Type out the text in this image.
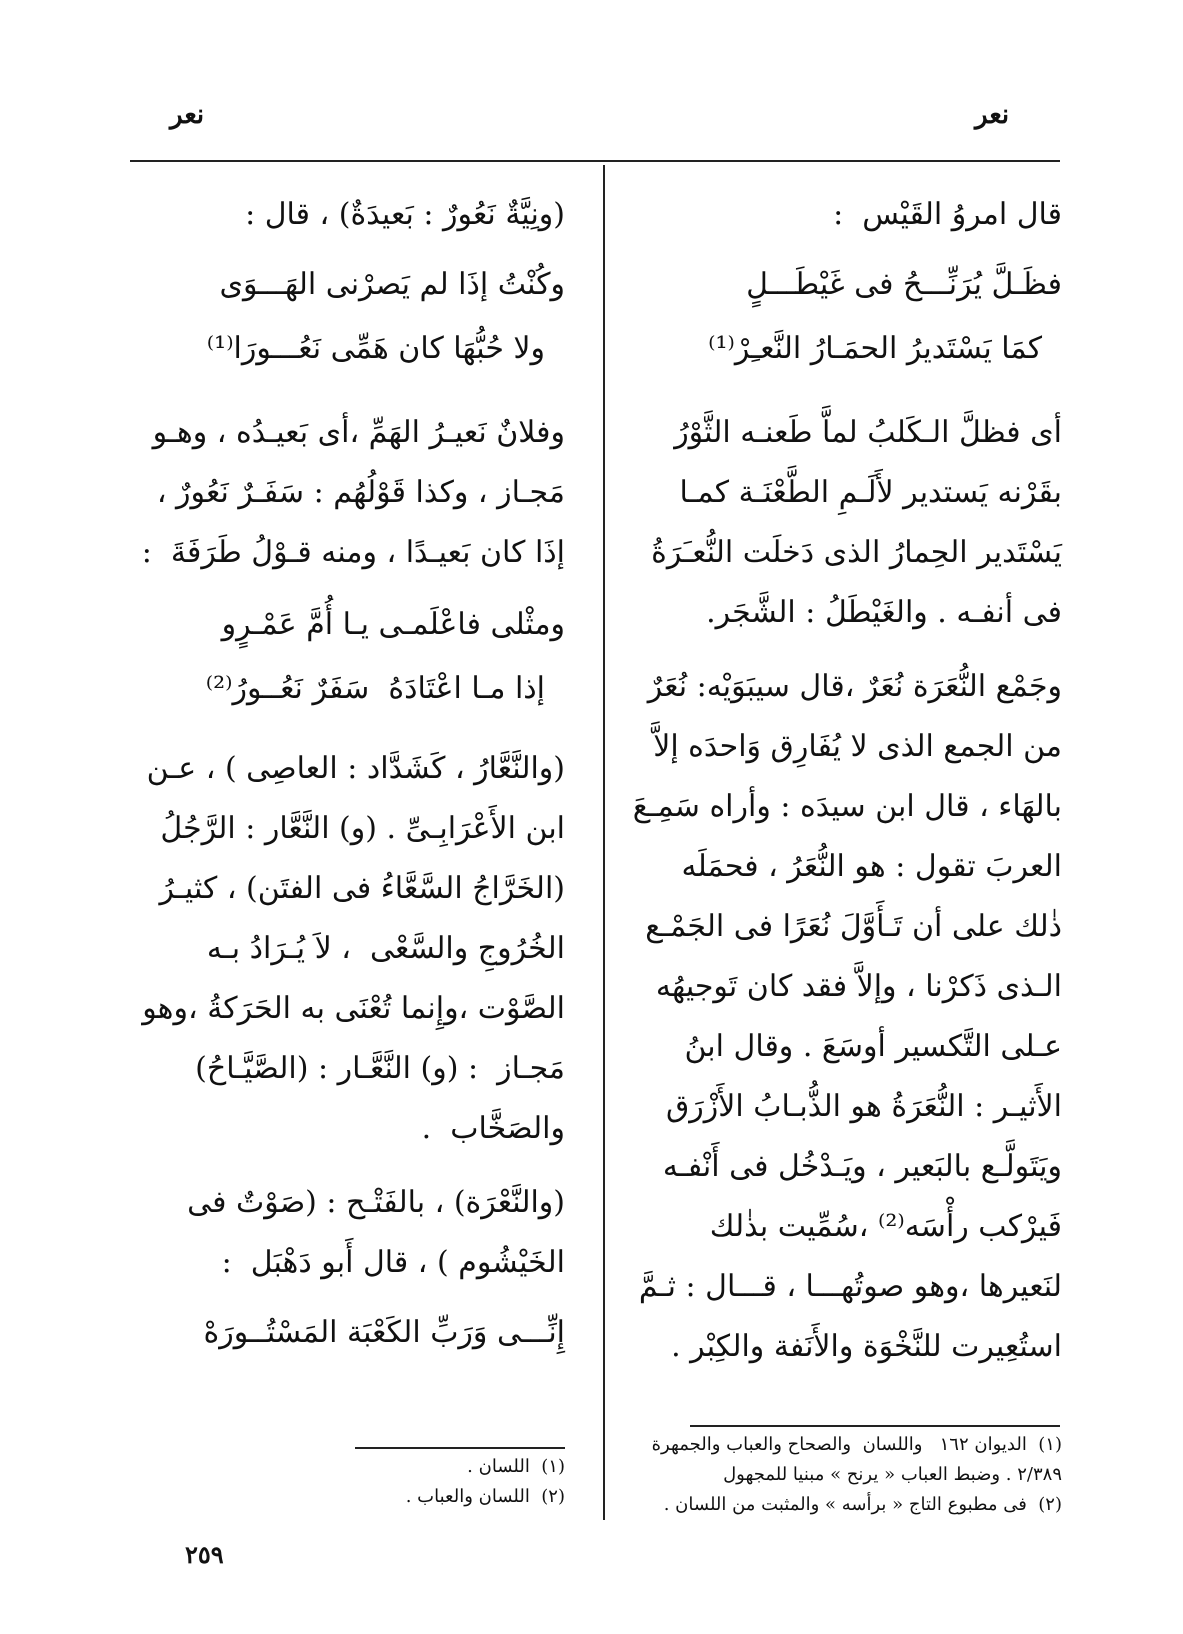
نعر
نعر

قال امروُ القَيْس  :

فظَـلَّ يُرَنِّـــحُ فى غَيْطَـــلٍ

كمَا يَسْتَديرُ الحمَـارُ النَّعـِرْ⁽¹⁾

أى فظلَّ الـكَلبُ لماَّ طَعنـه الثَّوْرُ بقَرْنه يَستدير لأَلَـمِ الطَّعْنَـة كمـا يَسْتَدير الحِمارُ الذى دَخلَت النُّعـَرَةُ فى أنفـه . والغَيْطَلُ : الشَّجَر.

وجَمْع النُّعَرَة نُعَرٌ ،قال سيبَوَيْه: نُعَرٌ من الجمع الذى لا يُفَارِق وَاحدَه إلاَّ بالهَاء ، قال ابن سيدَه : وأراه سَمِـعَ العربَ تقول : هو النُّعَرُ ، فحمَلَه ذٰلك على أن تَـأَوَّلَ نُعَرًا فى الجَمْـع الـذى ذَكرْنا ، وإلاَّ فقد كان تَوجيهُه عـلى التَّكسير أوسَعَ . وقال ابنُ الأَثيـر : النُّعَرَةُ هو الذُّبـابُ الأَزْرَق ويَتَولَّـع بالبَعير ، ويَـدْخُل فى أَنْفـه فَيرْكب رأْسَه⁽²⁾ ،سُمِّيت بذٰلك لنَعيرها ،وهو صوتُهـــا ، قـــال : ثـمَّ استُعِيرت للنَّخْوَة والأَنَفة والكِبْر .

(١)  الديوان ١٦٢   واللسان  والصحاح والعباب والجمهرة ٢/٣٨٩ . وضبط العباب « يرنح » مبنيا للمجهول

(٢)  فى مطبوع التاج « برأسه » والمثبت من اللسان .

(ونِيَّةٌ نَعُورٌ : بَعيدَةٌ) ، قال :

وكُنْتُ إذَا لم يَصرْنى الهَـــوَى

ولا حُبُّهَا كان هَمِّى نَعُـــورَا⁽¹⁾

وفلانٌ نَعيـرُ الهَمِّ ،أى بَعيـدُه ، وهـو مَجـاز ، وكذا قَوْلُهُم : سَفَـرٌ نَعُورٌ ، إذَا كان بَعيـدًا ، ومنه قـوْلُ طَرَفَةَ  :

ومثْلى فاعْلَمـى يـا أُمَّ عَمْـرٍو

إذا مـا اعْتَادَهُ  سَفَرٌ نَعُــورُ⁽²⁾

(والنَّعَّارُ ، كَشَدَّاد : العاصِى ) ، عـن ابن الأَعْرَابِـىِّ . (و) النَّعَّار : الرَّجُلُ (الخَرَّاجُ السَّعَّاءُ فى الفتَن) ، كثيـرُ الخُرُوجِ والسَّعْى  ، لاَ يُـرَادُ بـه الصَّوْت ،وإِنما تُعْنَى به الحَرَكةُ ،وهو مَجـاز  : (و) النَّعَّـار : (الصَّيَّـاحُ) والصَخَّاب  .

(والنَّعْرَة) ، بالفَتْـح : (صَوْتٌ فى الخَيْشُوم ) ، قال أَبو دَهْبَل  :

إِنِّـــى وَرَبِّ الكَعْبَة المَسْتُــورَهْ

(١)  اللسان .

(٢)  اللسان والعباب .

٢٥٩
